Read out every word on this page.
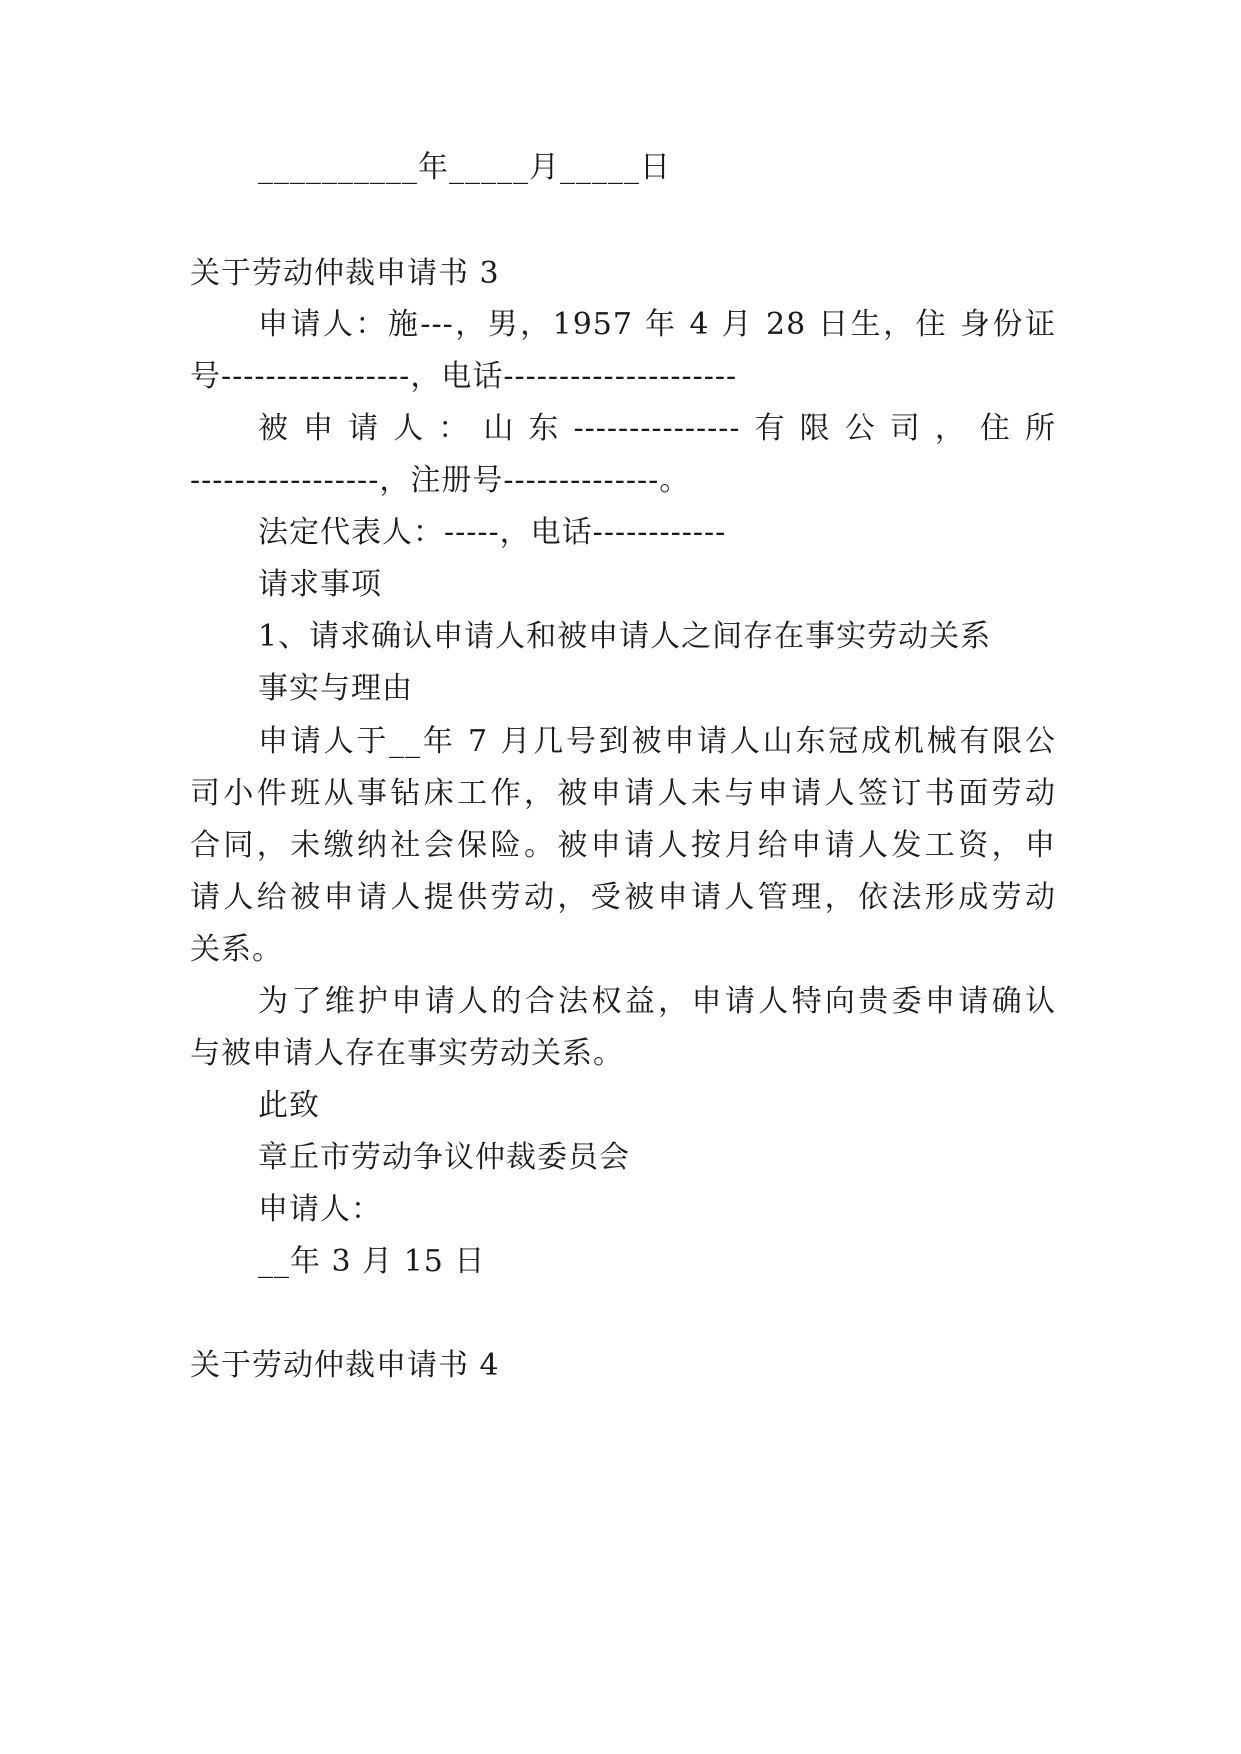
__________年_____月_____日
关于劳动仲裁申请书 3
申请人：施---，男，1957 年 4 月 28 日生，住 身份证
号-----------------，电话---------------------
被申请人：山东---------------有限公司，住所
-----------------，注册号--------------。
法定代表人：-----，电话------------
请求事项
1、请求确认申请人和被申请人之间存在事实劳动关系
事实与理由
申请人于__年 7 月几号到被申请人山东冠成机械有限公
司小件班从事钻床工作，被申请人未与申请人签订书面劳动
合同，未缴纳社会保险。被申请人按月给申请人发工资，申
请人给被申请人提供劳动，受被申请人管理，依法形成劳动
关系。
为了维护申请人的合法权益，申请人特向贵委申请确认
与被申请人存在事实劳动关系。
此致
章丘市劳动争议仲裁委员会
申请人：
__年 3 月 15 日
关于劳动仲裁申请书 4
